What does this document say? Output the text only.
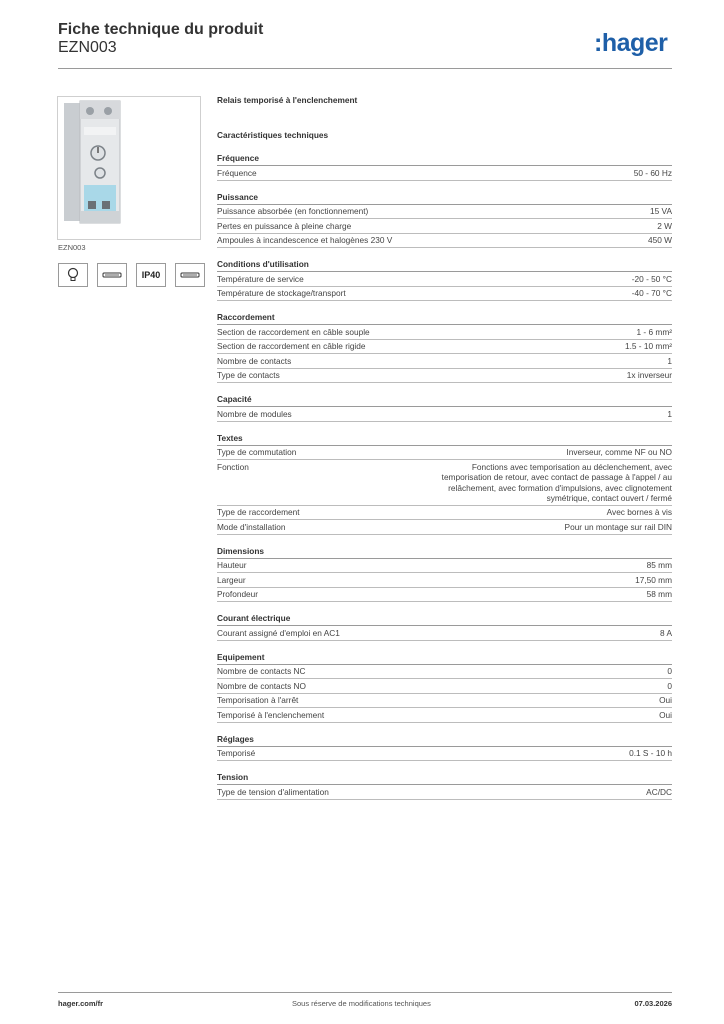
Fiche technique du produit
EZN003	:hager
EZN003
IP40
Relais temporisé à l'enclenchement
Caractéristiques techniques
Fréquence
Fréquence	50 - 60 Hz
Puissance
Puissance absorbée (en fonctionnement)	15 VA
Pertes en puissance à pleine charge	2 W
Ampoules à incandescence et halogènes 230 V	450 W
Conditions d'utilisation
Température de service	-20 - 50 °C
Température de stockage/transport	-40 - 70 °C
Raccordement
Section de raccordement en câble souple	1 - 6 mm²
Section de raccordement en câble rigide	1.5 - 10 mm²
Nombre de contacts	1
Type de contacts	1x inverseur
Capacité
Nombre de modules	1
Textes
Type de commutation	Inverseur, comme NF ou NO
Fonction	Fonctions avec temporisation au déclenchement, avec temporisation de retour, avec contact de passage à l'appel / au relâchement, avec formation d'impulsions, avec clignotement symétrique, contact ouvert / fermé
Type de raccordement	Avec bornes à vis
Mode d'installation	Pour un montage sur rail DIN
Dimensions
Hauteur	85 mm
Largeur	17,50 mm
Profondeur	58 mm
Courant électrique
Courant assigné d'emploi en AC1	8 A
Equipement
Nombre de contacts NC	0
Nombre de contacts NO	0
Temporisation à l'arrêt	Oui
Temporisé à l'enclenchement	Oui
Réglages
Temporisé	0.1 S - 10 h
Tension
Type de tension d'alimentation	AC/DC
hager.com/fr	Sous réserve de modifications techniques	07.03.2026
